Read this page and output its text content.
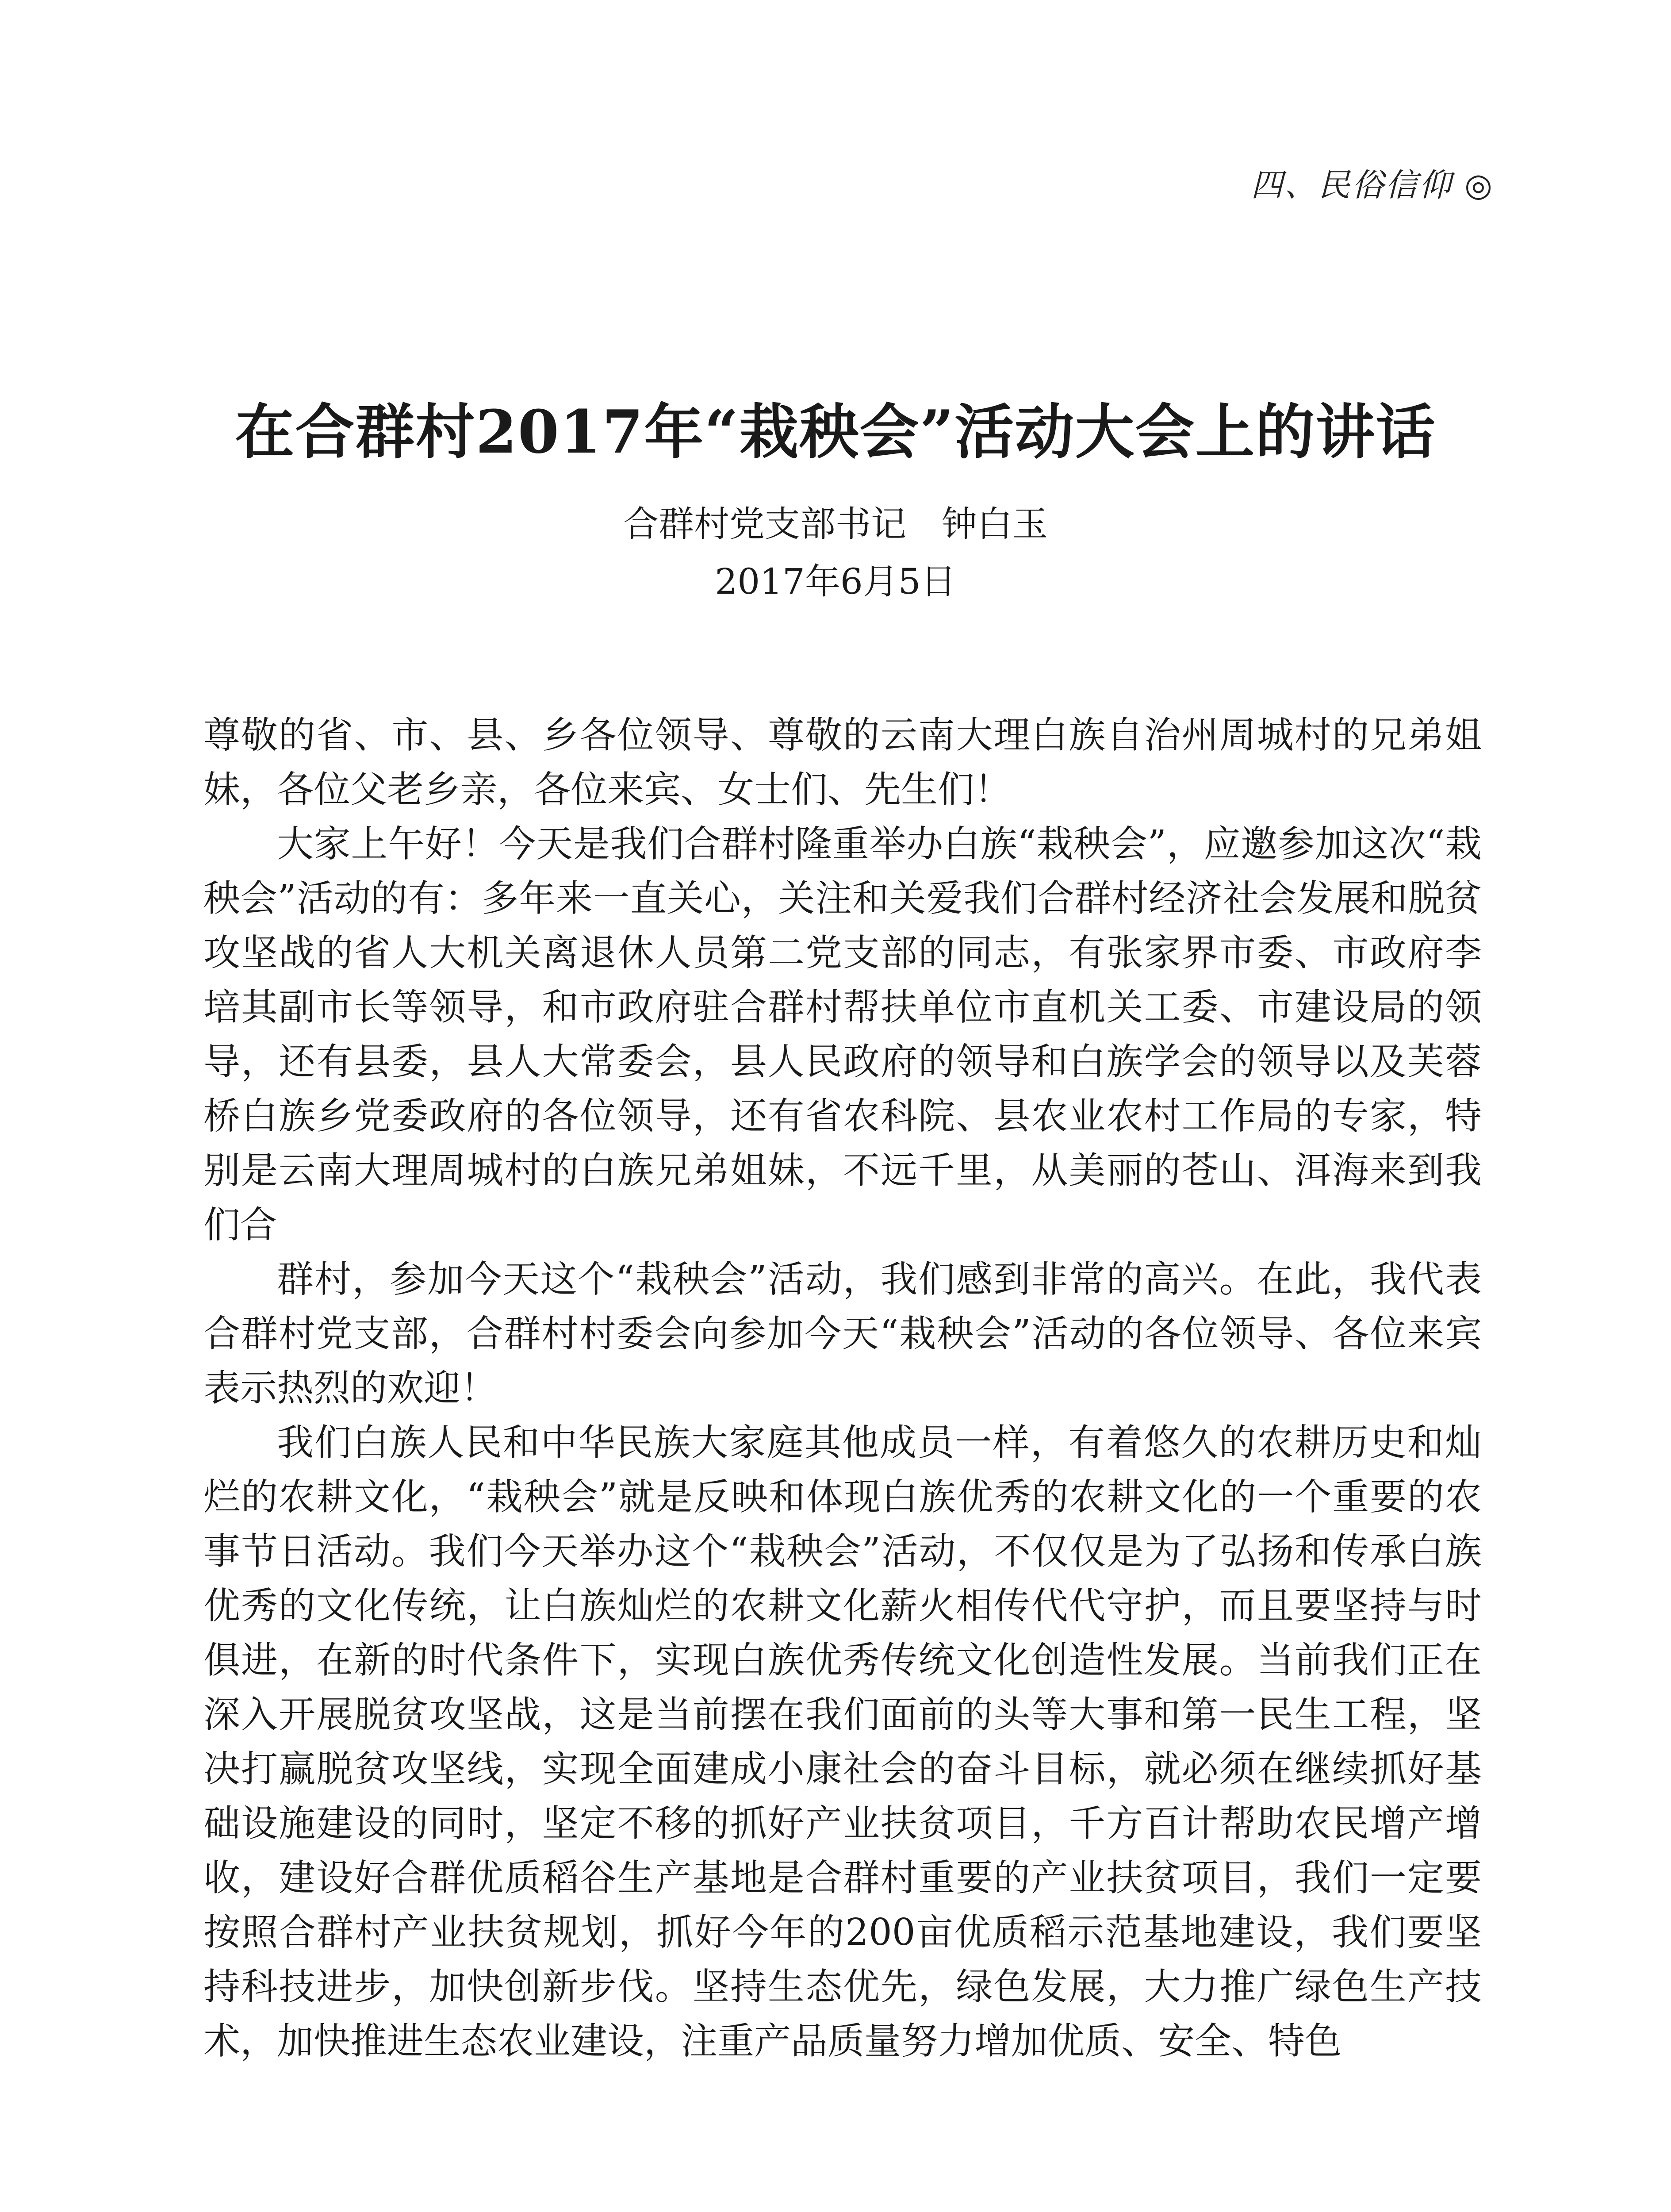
四、民俗信仰 ◎
在合群村2017年“栽秧会”活动大会上的讲话
合群村党支部书记 钟白玉
2017年6月5日

尊敬的省、市、县、乡各位领导、尊敬的云南大理白族自治州周城村的兄弟姐妹，各位父老乡亲，各位来宾、女士们、先生们！

大家上午好！今天是我们合群村隆重举办白族“栽秧会”，应邀参加这次“栽秧会”活动的有：多年来一直关心，关注和关爱我们合群村经济社会发展和脱贫攻坚战的省人大机关离退休人员第二党支部的同志，有张家界市委、市政府李培其副市长等领导，和市政府驻合群村帮扶单位市直机关工委、市建设局的领导，还有县委，县人大常委会，县人民政府的领导和白族学会的领导以及芙蓉桥白族乡党委政府的各位领导，还有省农科院、县农业农村工作局的专家，特别是云南大理周城村的白族兄弟姐妹，不远千里，从美丽的苍山、洱海来到我们合

群村，参加今天这个“栽秧会”活动，我们感到非常的高兴。在此，我代表合群村党支部，合群村村委会向参加今天“栽秧会”活动的各位领导、各位来宾表示热烈的欢迎！

我们白族人民和中华民族大家庭其他成员一样，有着悠久的农耕历史和灿烂的农耕文化，“栽秧会”就是反映和体现白族优秀的农耕文化的一个重要的农事节日活动。我们今天举办这个“栽秧会”活动，不仅仅是为了弘扬和传承白族优秀的文化传统，让白族灿烂的农耕文化薪火相传代代守护，而且要坚持与时俱进，在新的时代条件下，实现白族优秀传统文化创造性发展。当前我们正在深入开展脱贫攻坚战，这是当前摆在我们面前的头等大事和第一民生工程，坚决打赢脱贫攻坚线，实现全面建成小康社会的奋斗目标，就必须在继续抓好基础设施建设的同时，坚定不移的抓好产业扶贫项目，千方百计帮助农民增产增收，建设好合群优质稻谷生产基地是合群村重要的产业扶贫项目，我们一定要按照合群村产业扶贫规划，抓好今年的200亩优质稻示范基地建设，我们要坚持科技进步，加快创新步伐。坚持生态优先，绿色发展，大力推广绿色生产技术，加快推进生态农业建设，注重产品质量努力增加优质、安全、特色
